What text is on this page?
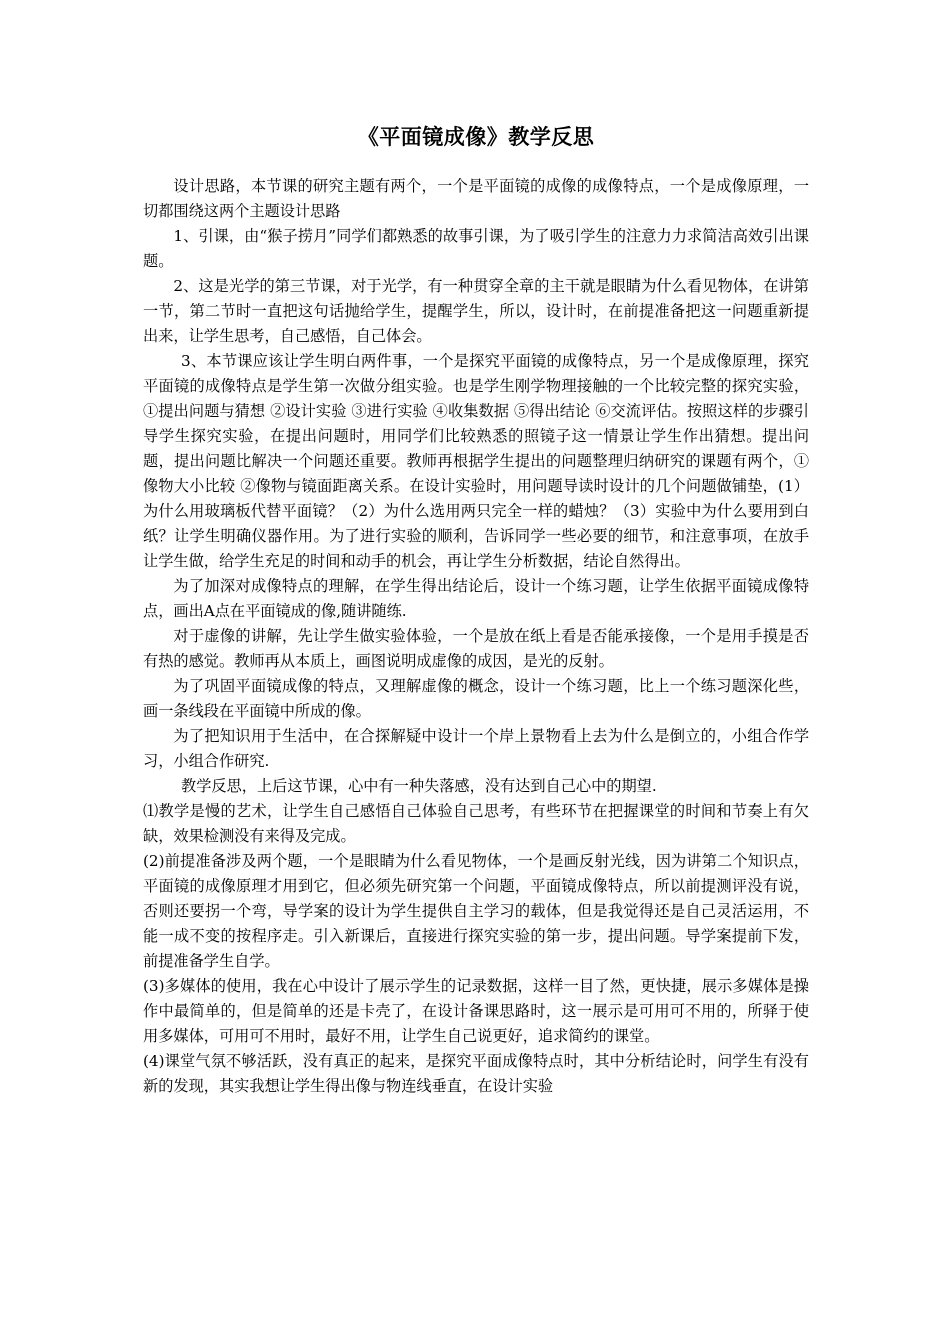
《平面镜成像》教学反思

设计思路，本节课的研究主题有两个，一个是平面镜的成像的成像特点，一个是成像原理，一切都围绕这两个主题设计思路

1、引课，由“猴子捞月”同学们都熟悉的故事引课，为了吸引学生的注意力力求简洁高效引出课题。

2、这是光学的第三节课，对于光学，有一种贯穿全章的主干就是眼睛为什么看见物体，在讲第一节，第二节时一直把这句话抛给学生，提醒学生，所以，设计时，在前提准备把这一问题重新提出来，让学生思考，自己感悟，自己体会。

3、本节课应该让学生明白两件事，一个是探究平面镜的成像特点，另一个是成像原理，探究平面镜的成像特点是学生第一次做分组实验。也是学生刚学物理接触的一个比较完整的探究实验，①提出问题与猜想 ②设计实验 ③进行实验 ④收集数据 ⑤得出结论 ⑥交流评估。按照这样的步骤引导学生探究实验，在提出问题时，用同学们比较熟悉的照镜子这一情景让学生作出猜想。提出问题，提出问题比解决一个问题还重要。教师再根据学生提出的问题整理归纳研究的课题有两个，①像物大小比较 ②像物与镜面距离关系。在设计实验时，用问题导读时设计的几个问题做铺垫，(1）为什么用玻璃板代替平面镜？（2）为什么选用两只完全一样的蜡烛？（3）实验中为什么要用到白纸？让学生明确仪器作用。为了进行实验的顺利，告诉同学一些必要的细节，和注意事项，在放手让学生做，给学生充足的时间和动手的机会，再让学生分析数据，结论自然得出。

为了加深对成像特点的理解，在学生得出结论后，设计一个练习题，让学生依据平面镜成像特点，画出A点在平面镜成的像,随讲随练.

对于虚像的讲解，先让学生做实验体验，一个是放在纸上看是否能承接像，一个是用手摸是否有热的感觉。教师再从本质上，画图说明成虚像的成因，是光的反射。

为了巩固平面镜成像的特点，又理解虚像的概念，设计一个练习题，比上一个练习题深化些，画一条线段在平面镜中所成的像。

为了把知识用于生活中，在合探解疑中设计一个岸上景物看上去为什么是倒立的，小组合作学习，小组合作研究.

教学反思，上后这节课，心中有一种失落感，没有达到自己心中的期望.

⑴教学是慢的艺术，让学生自己感悟自己体验自己思考，有些环节在把握课堂的时间和节奏上有欠缺，效果检测没有来得及完成。

(2)前提准备涉及两个题，一个是眼睛为什么看见物体，一个是画反射光线，因为讲第二个知识点，平面镜的成像原理才用到它，但必须先研究第一个问题，平面镜成像特点，所以前提测评没有说，否则还要拐一个弯，导学案的设计为学生提供自主学习的载体，但是我觉得还是自己灵活运用，不能一成不变的按程序走。引入新课后，直接进行探究实验的第一步，提出问题。导学案提前下发，前提准备学生自学。

(3)多媒体的使用，我在心中设计了展示学生的记录数据，这样一目了然，更快捷，展示多媒体是操作中最简单的，但是简单的还是卡壳了，在设计备课思路时，这一展示是可用可不用的，所驿于使用多媒体，可用可不用时，最好不用，让学生自己说更好，追求简约的课堂。

(4)课堂气氛不够活跃，没有真正的起来，是探究平面成像特点时，其中分析结论时，问学生有没有新的发现，其实我想让学生得出像与物连线垂直，在设计实验
